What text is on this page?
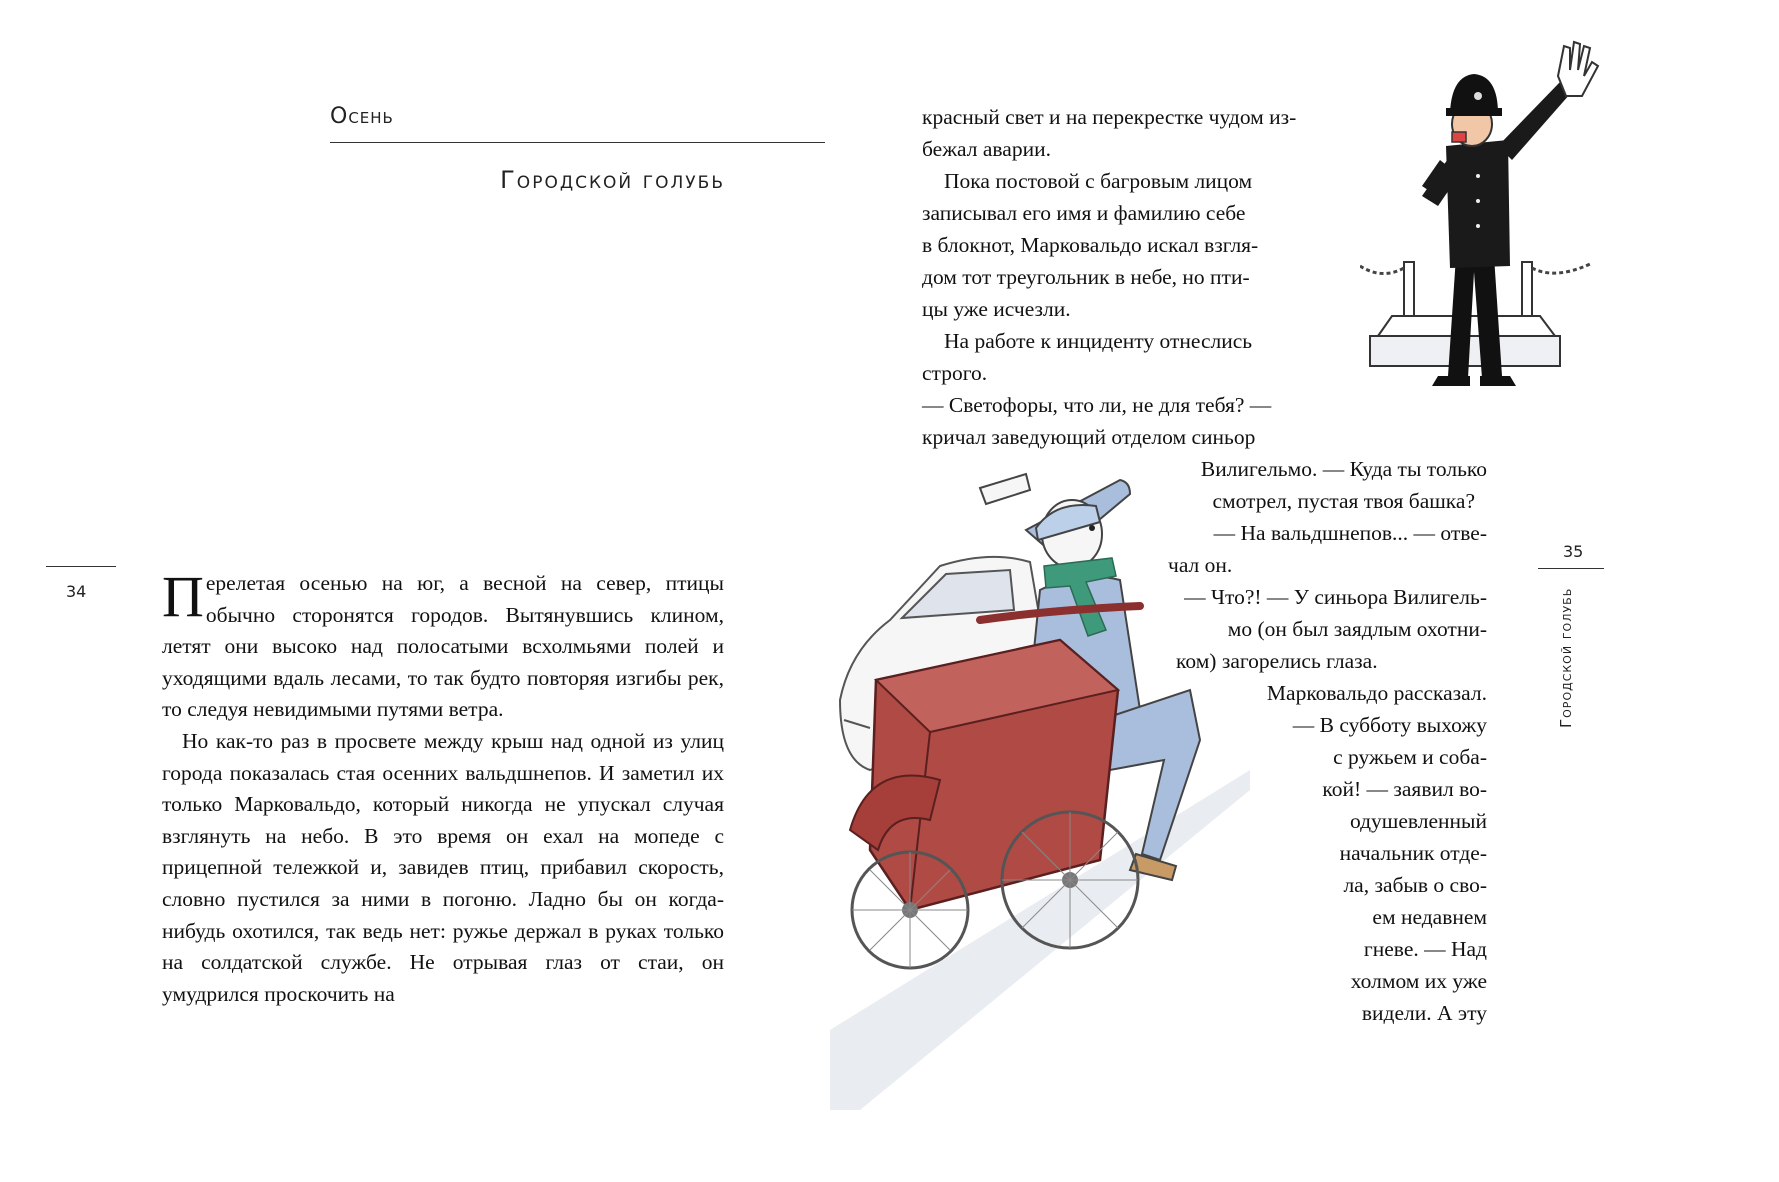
Осень
Городской голубь
34
35
Городской голубь

Перелетая осенью на юг, а весной на север, птицы обычно сторонятся городов. Вытянувшись клином, летят они высоко над полосатыми всхолмьями полей и уходящими вдаль лесами, то так будто повторяя изгибы рек, то следуя невидимыми путями ветра.

Но как-то раз в просвете между крыш над одной из улиц города показалась стая осенних вальдшнепов. И заметил их только Марковальдо, который никогда не упускал случая взглянуть на небо. В это время он ехал на мопеде с прицепной тележкой и, завидев птиц, прибавил скорость, словно пустился за ними в погоню. Ладно бы он когда-нибудь охотился, так ведь нет: ружье держал в руках только на солдатской службе. Не отрывая глаз от стаи, он умудрился проскочить на

красный свет и на перекрестке чудом из-
бежал аварии.
Пока постовой с багровым лицом
записывал его имя и фамилию себе
в блокнот, Марковальдо искал взгля-
дом тот треугольник в небе, но пти-
цы уже исчезли.
На работе к инциденту отнеслись
строго.
— Светофоры, что ли, не для тебя? —
кричал заведующий отделом синьор
Вилигельмо. — Куда ты только
смотрел, пустая твоя башка?
— На вальдшнепов... — отве-
чал он.
— Что?! — У синьора Вилигель-
мо (он был заядлым охотни-
ком) загорелись глаза.
Марковальдо рассказал.
— В субботу выхожу
с ружьем и соба-
кой! — заявил во-
одушевленный
начальник отде-
ла, забыв о сво-
ем недавнем
гневе. — Над
холмом их уже
видели. А эту
